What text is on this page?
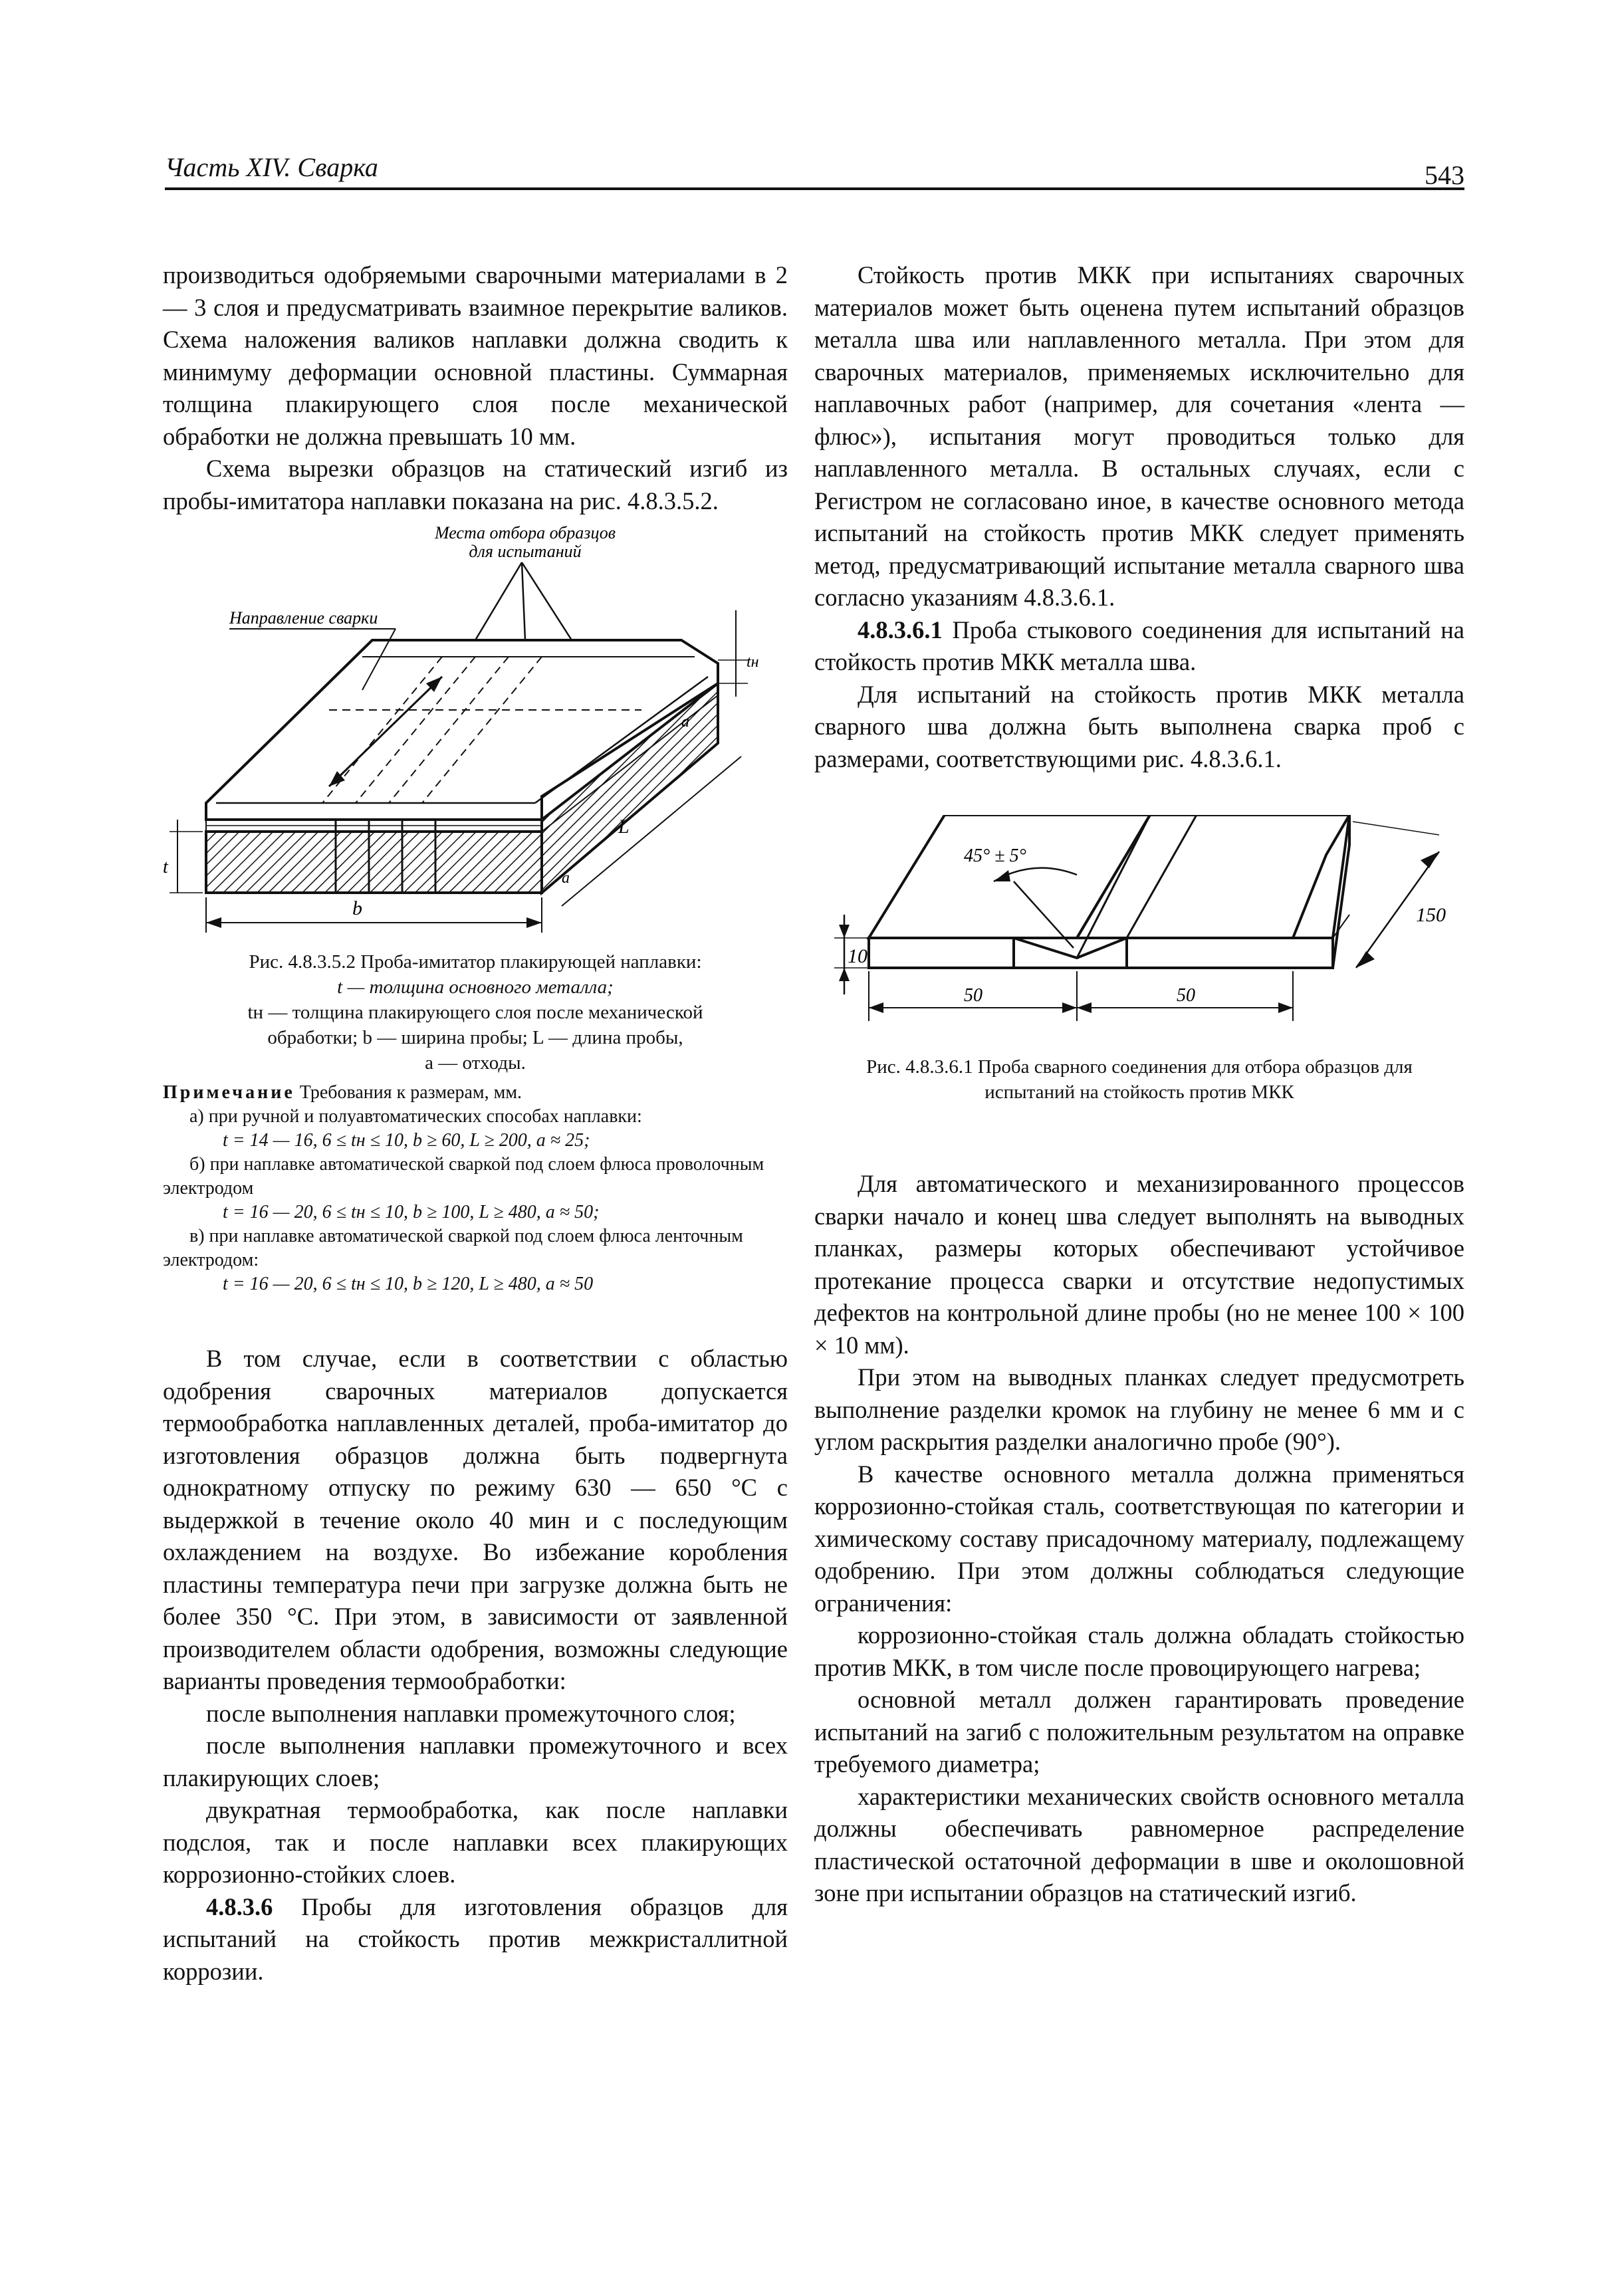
Часть XIV. Сварка	543

производиться одобряемыми сварочными материалами в 2 — 3 слоя и предусматривать взаимное перекрытие валиков. Схема наложения валиков наплавки должна сводить к минимуму деформации основной пластины. Суммарная толщина плакирующего слоя после механической обработки не должна превышать 10 мм.

Схема вырезки образцов на статический изгиб из пробы-имитатора наплавки показана на рис. 4.8.3.5.2.

Места отбора образцов
для испытаний
Направление сварки
t
b
tн
L
a
a

Рис. 4.8.3.5.2 Проба-имитатор плакирующей наплавки:

t — толщина основного металла;

tн — толщина плакирующего слоя после механической

обработки; b — ширина пробы; L — длина пробы,

a — отходы.

Примечание Требования к размерам, мм.

а) при ручной и полуавтоматических способах наплавки:

t = 14 — 16, 6 ≤ tн ≤ 10, b ≥ 60, L ≥ 200, a ≈ 25;

б) при наплавке автоматической сваркой под слоем флюса проволочным электродом

t = 16 — 20, 6 ≤ tн ≤ 10, b ≥ 100, L ≥ 480, a ≈ 50;

в) при наплавке автоматической сваркой под слоем флюса ленточным электродом:

t = 16 — 20, 6 ≤ tн ≤ 10, b ≥ 120, L ≥ 480, a ≈ 50

В том случае, если в соответствии с областью одобрения сварочных материалов допускается термообработка наплавленных деталей, проба-имитатор до изготовления образцов должна быть подвергнута однократному отпуску по режиму 630 — 650 °С с выдержкой в течение около 40 мин и с последующим охлаждением на воздухе. Во избежание коробления пластины температура печи при загрузке должна быть не более 350 °С. При этом, в зависимости от заявленной производителем области одобрения, возможны следующие варианты проведения термообработки:

после выполнения наплавки промежуточного слоя;

после выполнения наплавки промежуточного и всех плакирующих слоев;

двукратная термообработка, как после наплавки подслоя, так и после наплавки всех плакирующих коррозионно-стойких слоев.

4.8.3.6 Пробы для изготовления образцов для испытаний на стойкость против межкристаллитной коррозии.

Стойкость против МКК при испытаниях сварочных материалов может быть оценена путем испытаний образцов металла шва или наплавленного металла. При этом для сварочных материалов, применяемых исключительно для наплавочных работ (например, для сочетания «лента — флюс»), испытания могут проводиться только для наплавленного металла. В остальных случаях, если с Регистром не согласовано иное, в качестве основного метода испытаний на стойкость против МКК следует применять метод, предусматривающий испытание металла сварного шва согласно указаниям 4.8.3.6.1.

4.8.3.6.1 Проба стыкового соединения для испытаний на стойкость против МКК металла шва.

Для испытаний на стойкость против МКК металла сварного шва должна быть выполнена сварка проб с размерами, соответствующими рис. 4.8.3.6.1.

45° ± 5°
150
10
50	50

Рис. 4.8.3.6.1 Проба сварного соединения для отбора образцов для

испытаний на стойкость против МКК

Для автоматического и механизированного процессов сварки начало и конец шва следует выполнять на выводных планках, размеры которых обеспечивают устойчивое протекание процесса сварки и отсутствие недопустимых дефектов на контрольной длине пробы (но не менее 100 × 100 × 10 мм).

При этом на выводных планках следует предусмотреть выполнение разделки кромок на глубину не менее 6 мм и с углом раскрытия разделки аналогично пробе (90°).

В качестве основного металла должна применяться коррозионно-стойкая сталь, соответствующая по категории и химическому составу присадочному материалу, подлежащему одобрению. При этом должны соблюдаться следующие ограничения:

коррозионно-стойкая сталь должна обладать стойкостью против МКК, в том числе после провоцирующего нагрева;

основной металл должен гарантировать проведение испытаний на загиб с положительным результатом на оправке требуемого диаметра;

характеристики механических свойств основного металла должны обеспечивать равномерное распределение пластической остаточной деформации в шве и околошовной зоне при испытании образцов на статический изгиб.
